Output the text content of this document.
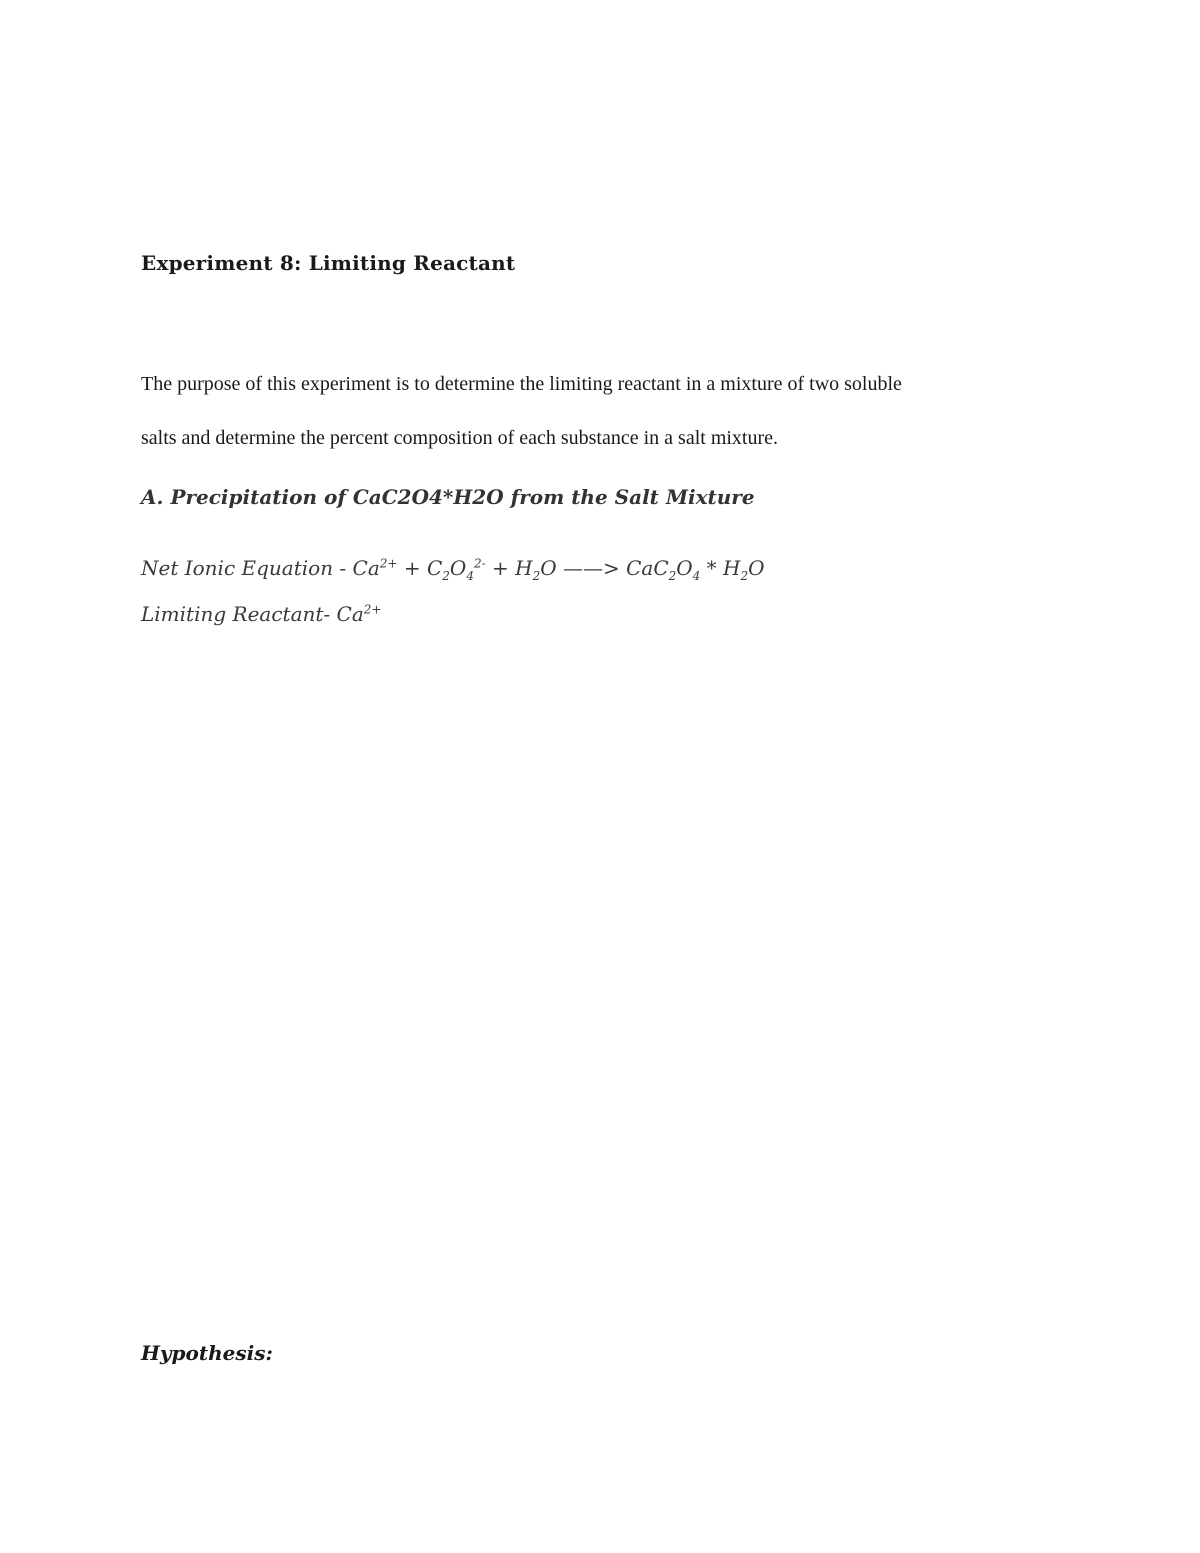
Experiment 8: Limiting Reactant

The purpose of this experiment is to determine the limiting reactant in a mixture of two soluble
salts and determine the percent composition of each substance in a salt mixture.

A. Precipitation of CaC2O4*H2O from the Salt Mixture
Net Ionic Equation - $Ca^{2+} + C_2O_4^{2-} + H_2O$ ——> $CaC_2O_4 * H_2O$
Limiting Reactant- $Ca^{2+}$
Hypothesis:
